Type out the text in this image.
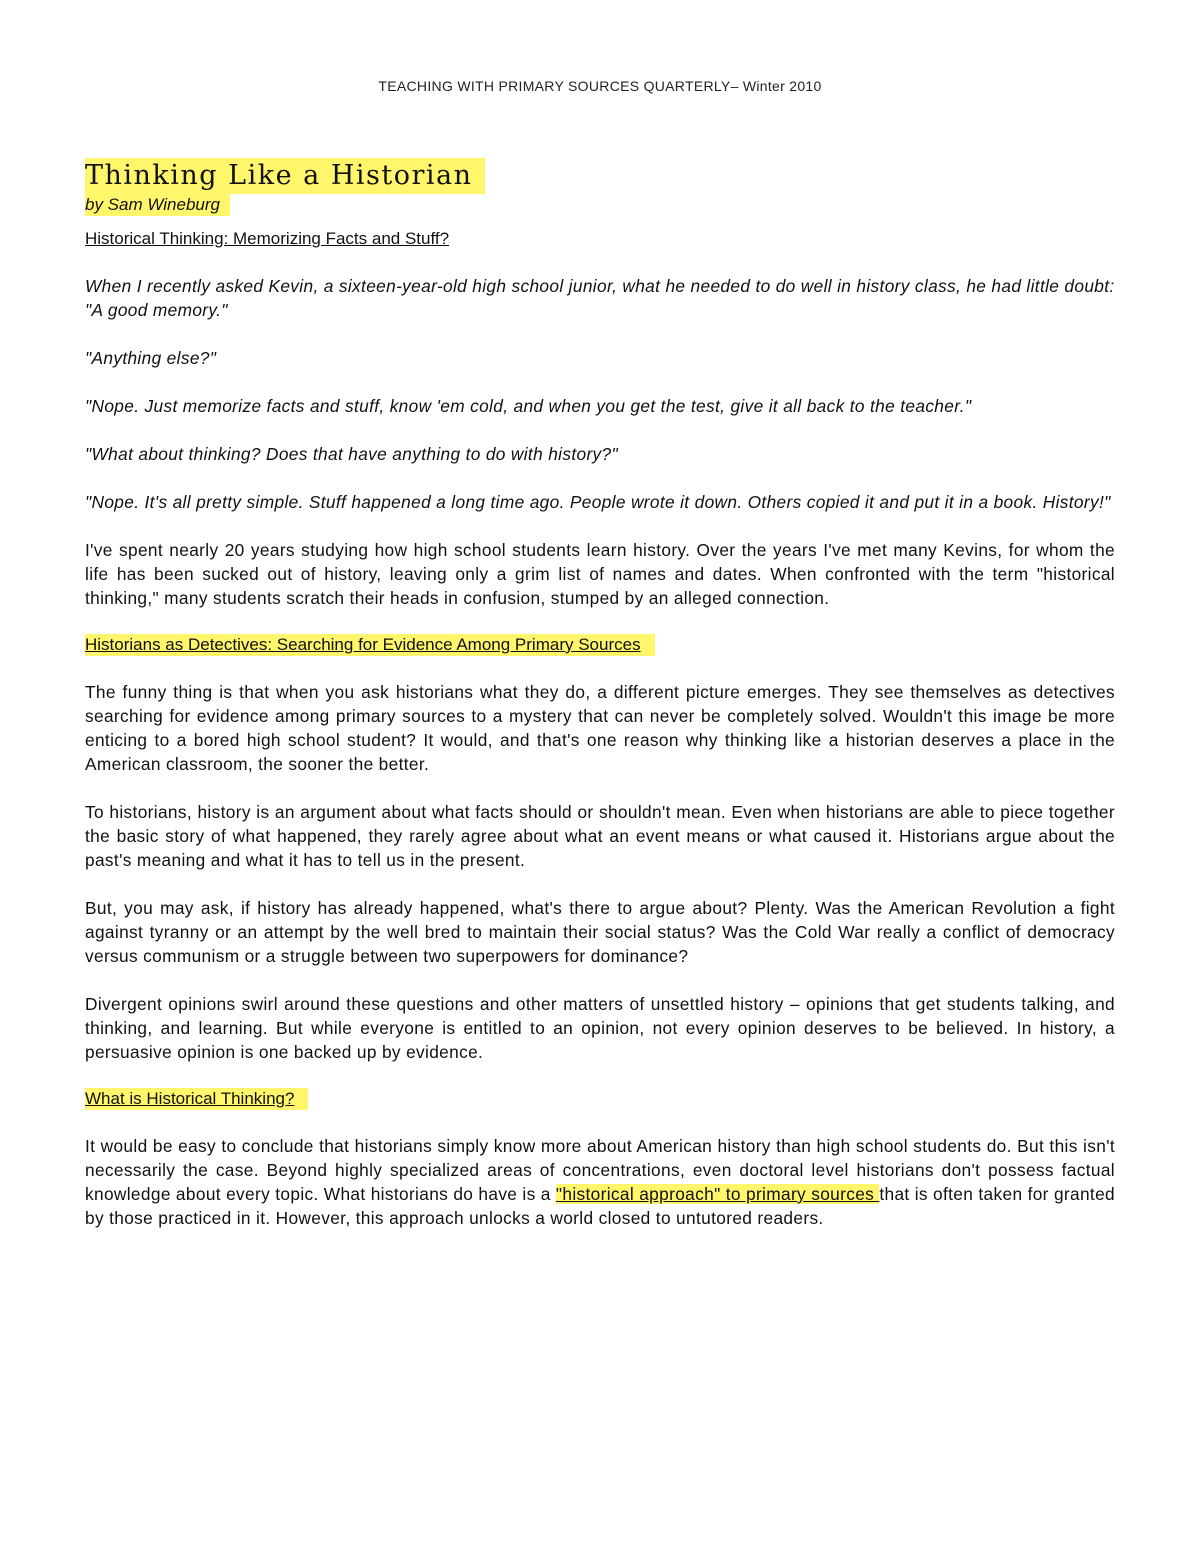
TEACHING WITH PRIMARY SOURCES QUARTERLY– Winter 2010
Thinking Like a Historian

by Sam Wineburg

Historical Thinking: Memorizing Facts and Stuff?

When I recently asked Kevin, a sixteen-year-old high school junior, what he needed to do well in history class, he had little doubt: "A good memory."

"Anything else?"

"Nope. Just memorize facts and stuff, know 'em cold, and when you get the test, give it all back to the teacher."

"What about thinking? Does that have anything to do with history?"

"Nope. It's all pretty simple. Stuff happened a long time ago. People wrote it down. Others copied it and put it in a book. History!"

I've spent nearly 20 years studying how high school students learn history. Over the years I've met many Kevins, for whom the life has been sucked out of history, leaving only a grim list of names and dates. When confronted with the term "historical thinking," many students scratch their heads in confusion, stumped by an alleged connection.

Historians as Detectives: Searching for Evidence Among Primary Sources

The funny thing is that when you ask historians what they do, a different picture emerges. They see themselves as detectives searching for evidence among primary sources to a mystery that can never be completely solved. Wouldn't this image be more enticing to a bored high school student? It would, and that's one reason why thinking like a historian deserves a place in the American classroom, the sooner the better.

To historians, history is an argument about what facts should or shouldn't mean. Even when historians are able to piece together the basic story of what happened, they rarely agree about what an event means or what caused it. Historians argue about the past's meaning and what it has to tell us in the present.

But, you may ask, if history has already happened, what's there to argue about? Plenty. Was the American Revolution a fight against tyranny or an attempt by the well bred to maintain their social status? Was the Cold War really a conflict of democracy versus communism or a struggle between two superpowers for dominance?

Divergent opinions swirl around these questions and other matters of unsettled history – opinions that get students talking, and thinking, and learning. But while everyone is entitled to an opinion, not every opinion deserves to be believed. In history, a persuasive opinion is one backed up by evidence.

What is Historical Thinking?

It would be easy to conclude that historians simply know more about American history than high school students do. But this isn't necessarily the case. Beyond highly specialized areas of concentrations, even doctoral level historians don't possess factual knowledge about every topic. What historians do have is a "historical approach" to primary sources that is often taken for granted by those practiced in it. However, this approach unlocks a world closed to untutored readers.
